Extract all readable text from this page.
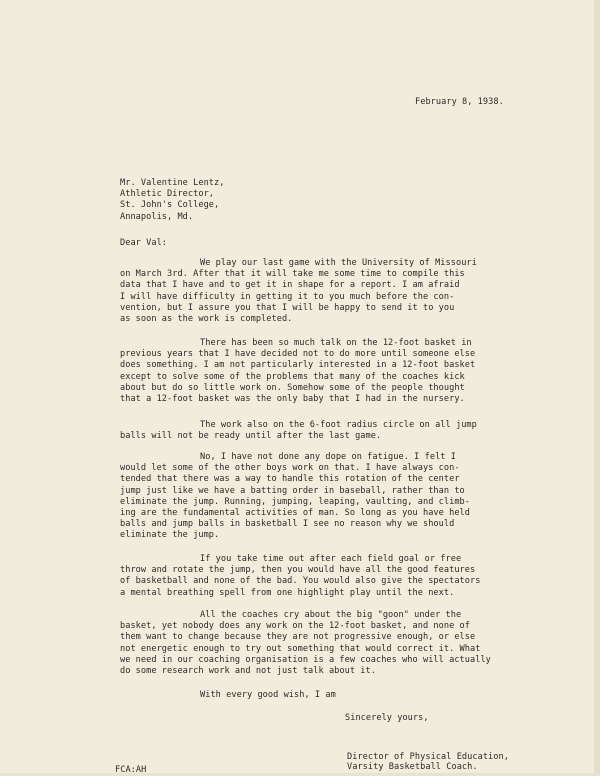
February 8, 1938.
Mr. Valentine Lentz,
Athletic Director,
St. John's College,
Annapolis, Md.
Dear Val:
We play our last game with the University of Missouri
on March 3rd. After that it will take me some time to compile this
data that I have and to get it in shape for a report. I am afraid
I will have difficulty in getting it to you much before the con-
vention, but I assure you that I will be happy to send it to you
as soon as the work is completed.
There has been so much talk on the 12-foot basket in
previous years that I have decided not to do more until someone else
does something. I am not particularly interested in a 12-foot basket
except to solve some of the problems that many of the coaches kick
about but do so little work on. Somehow some of the people thought
that a 12-foot basket was the only baby that I had in the nursery.
The work also on the 6-foot radius circle on all jump
balls will not be ready until after the last game.
No, I have not done any dope on fatigue. I felt I
would let some of the other boys work on that. I have always con-
tended that there was a way to handle this rotation of the center
jump just like we have a batting order in baseball, rather than to
eliminate the jump. Running, jumping, leaping, vaulting, and climb-
ing are the fundamental activities of man. So long as you have held
balls and jump balls in basketball I see no reason why we should
eliminate the jump.
If you take time out after each field goal or free
throw and rotate the jump, then you would have all the good features
of basketball and none of the bad. You would also give the spectators
a mental breathing spell from one highlight play until the next.
All the coaches cry about the big "goon" under the
basket, yet nobody does any work on the 12-foot basket, and none of
them want to change because they are not progressive enough, or else
not energetic enough to try out something that would correct it. What
we need in our coaching organisation is a few coaches who will actually
do some research work and not just talk about it.
With every good wish, I am
Sincerely yours,
Director of Physical Education,
Varsity Basketball Coach.
FCA:AH
